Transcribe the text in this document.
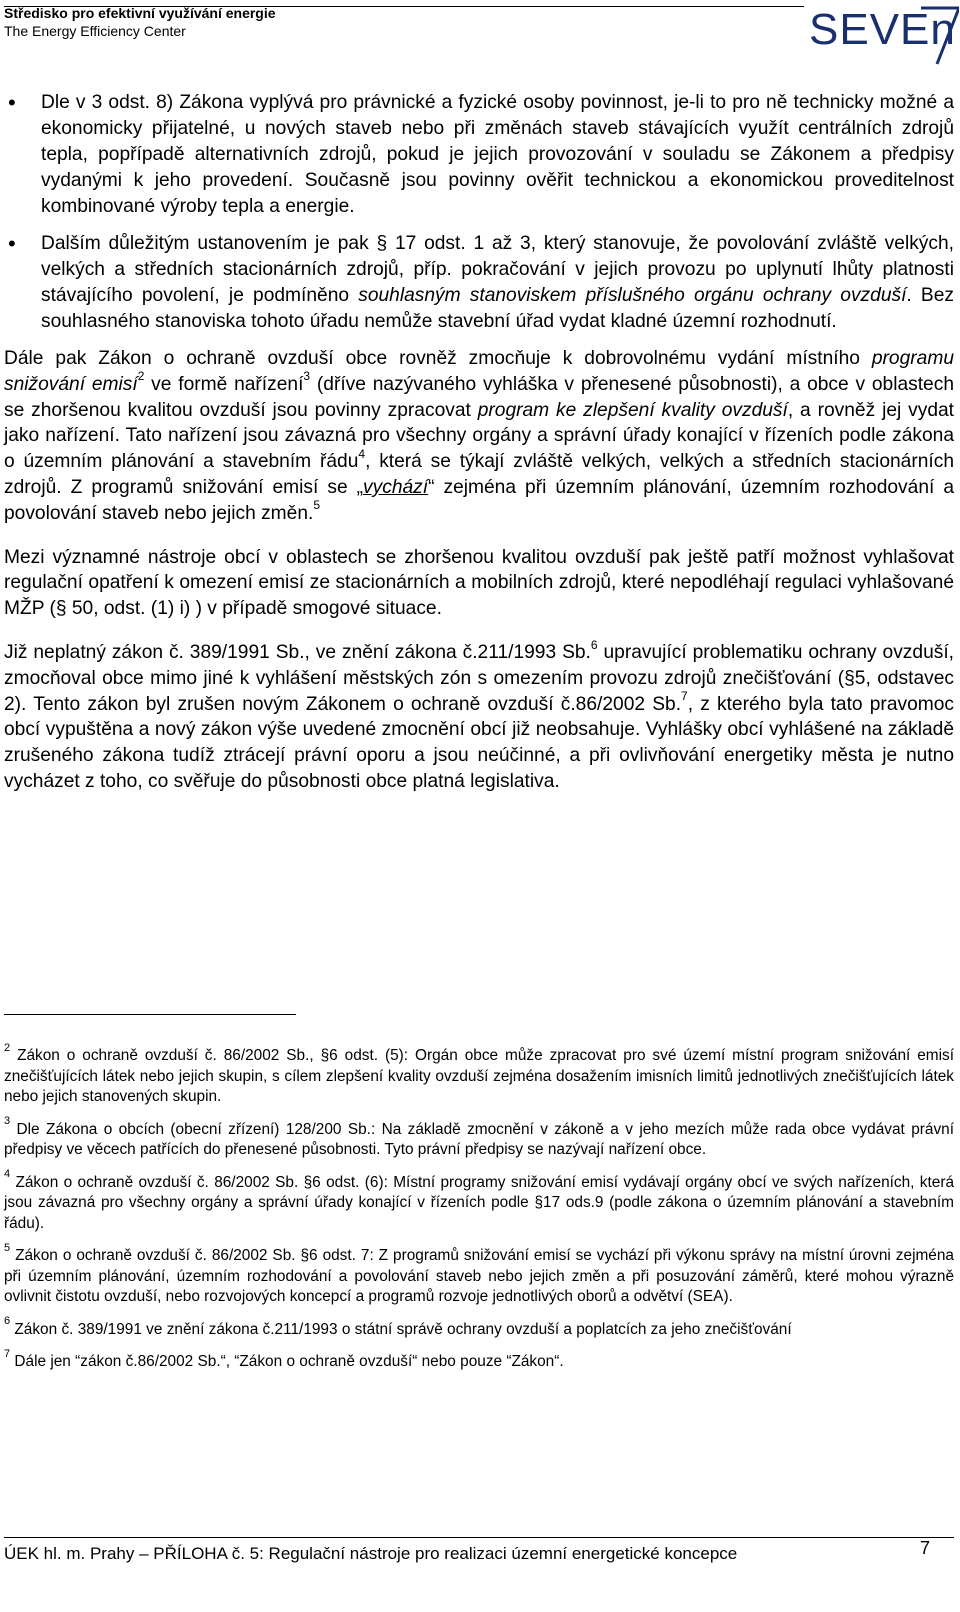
Středisko pro efektivní využívání energie
The Energy Efficiency Center	SEVEn
• Dle v 3 odst. 8) Zákona vyplývá pro právnické a fyzické osoby povinnost, je-li to pro ně technicky možné a ekonomicky přijatelné, u nových staveb nebo při změnách staveb stávajících využít centrálních zdrojů tepla, popřípadě alternativních zdrojů, pokud je jejich provozování v souladu se Zákonem a předpisy vydanými k jeho provedení. Současně jsou povinny ověřit technickou a ekonomickou proveditelnost kombinované výroby tepla a energie.
• Dalším důležitým ustanovením je pak § 17 odst. 1 až 3, který stanovuje, že povolování zvláště velkých, velkých a středních stacionárních zdrojů, příp. pokračování v jejich provozu po uplynutí lhůty platnosti stávajícího povolení, je podmíněno souhlasným stanoviskem příslušného orgánu ochrany ovzduší. Bez souhlasného stanoviska tohoto úřadu nemůže stavební úřad vydat kladné územní rozhodnutí.

Dále pak Zákon o ochraně ovzduší obce rovněž zmocňuje k dobrovolnému vydání místního programu snižování emisí$^2$ ve formě nařízení$^3$ (dříve nazývaného vyhláška v přenesené působnosti), a obce v oblastech se zhoršenou kvalitou ovzduší jsou povinny zpracovat program ke zlepšení kvality ovzduší, a rovněž jej vydat jako nařízení. Tato nařízení jsou závazná pro všechny orgány a správní úřady konající v řízeních podle zákona o územním plánování a stavebním řádu$^4$, která se týkají zvláště velkých, velkých a středních stacionárních zdrojů. Z programů snižování emisí se „vychází“ zejména při územním plánování, územním rozhodování a povolování staveb nebo jejich změn.$^5$

Mezi významné nástroje obcí v oblastech se zhoršenou kvalitou ovzduší pak ještě patří možnost vyhlašovat regulační opatření k omezení emisí ze stacionárních a mobilních zdrojů, které nepodléhají regulaci vyhlašované MŽP (§ 50, odst. (1) i) ) v případě smogové situace.

Již neplatný zákon č. 389/1991 Sb., ve znění zákona č.211/1993 Sb.$^6$ upravující problematiku ochrany ovzduší, zmocňoval obce mimo jiné k vyhlášení městských zón s omezením provozu zdrojů znečišťování (§5, odstavec 2). Tento zákon byl zrušen novým Zákonem o ochraně ovzduší č.86/2002 Sb.$^7$, z kterého byla tato pravomoc obcí vypuštěna a nový zákon výše uvedené zmocnění obcí již neobsahuje. Vyhlášky obcí vyhlášené na základě zrušeného zákona tudíž ztrácejí právní oporu a jsou neúčinné, a při ovlivňování energetiky města je nutno vycházet z toho, co svěřuje do působnosti obce platná legislativa.

$^2$ Zákon o ochraně ovzduší č. 86/2002 Sb., §6 odst. (5): Orgán obce může zpracovat pro své území místní program snižování emisí znečišťujících látek nebo jejich skupin, s cílem zlepšení kvality ovzduší zejména dosažením imisních limitů jednotlivých znečišťujících látek nebo jejich stanovených skupin.

$^3$ Dle Zákona o obcích (obecní zřízení) 128/200 Sb.: Na základě zmocnění v zákoně a v jeho mezích může rada obce vydávat právní předpisy ve věcech patřících do přenesené působnosti. Tyto právní předpisy se nazývají nařízení obce.

$^4$ Zákon o ochraně ovzduší č. 86/2002 Sb. §6 odst. (6): Místní programy snižování emisí vydávají orgány obcí ve svých nařízeních, která jsou závazná pro všechny orgány a správní úřady konající v řízeních podle §17 ods.9 (podle zákona o územním plánování a stavebním řádu).

$^5$ Zákon o ochraně ovzduší č. 86/2002 Sb. §6 odst. 7: Z programů snižování emisí se vychází při výkonu správy na místní úrovni zejména při územním plánování, územním rozhodování a povolování staveb nebo jejich změn a při posuzování záměrů, které mohou výrazně ovlivnit čistotu ovzduší, nebo rozvojových koncepcí a programů rozvoje jednotlivých oborů a odvětví (SEA).

$^6$ Zákon č. 389/1991 ve znění zákona č.211/1993 o státní správě ochrany ovzduší a poplatcích za jeho znečišťování

$^7$ Dále jen “zákon č.86/2002 Sb.“, “Zákon o ochraně ovzduší“ nebo pouze “Zákon“.

ÚEK hl. m. Prahy – PŘÍLOHA č. 5: Regulační nástroje pro realizaci územní energetické koncepce	7
